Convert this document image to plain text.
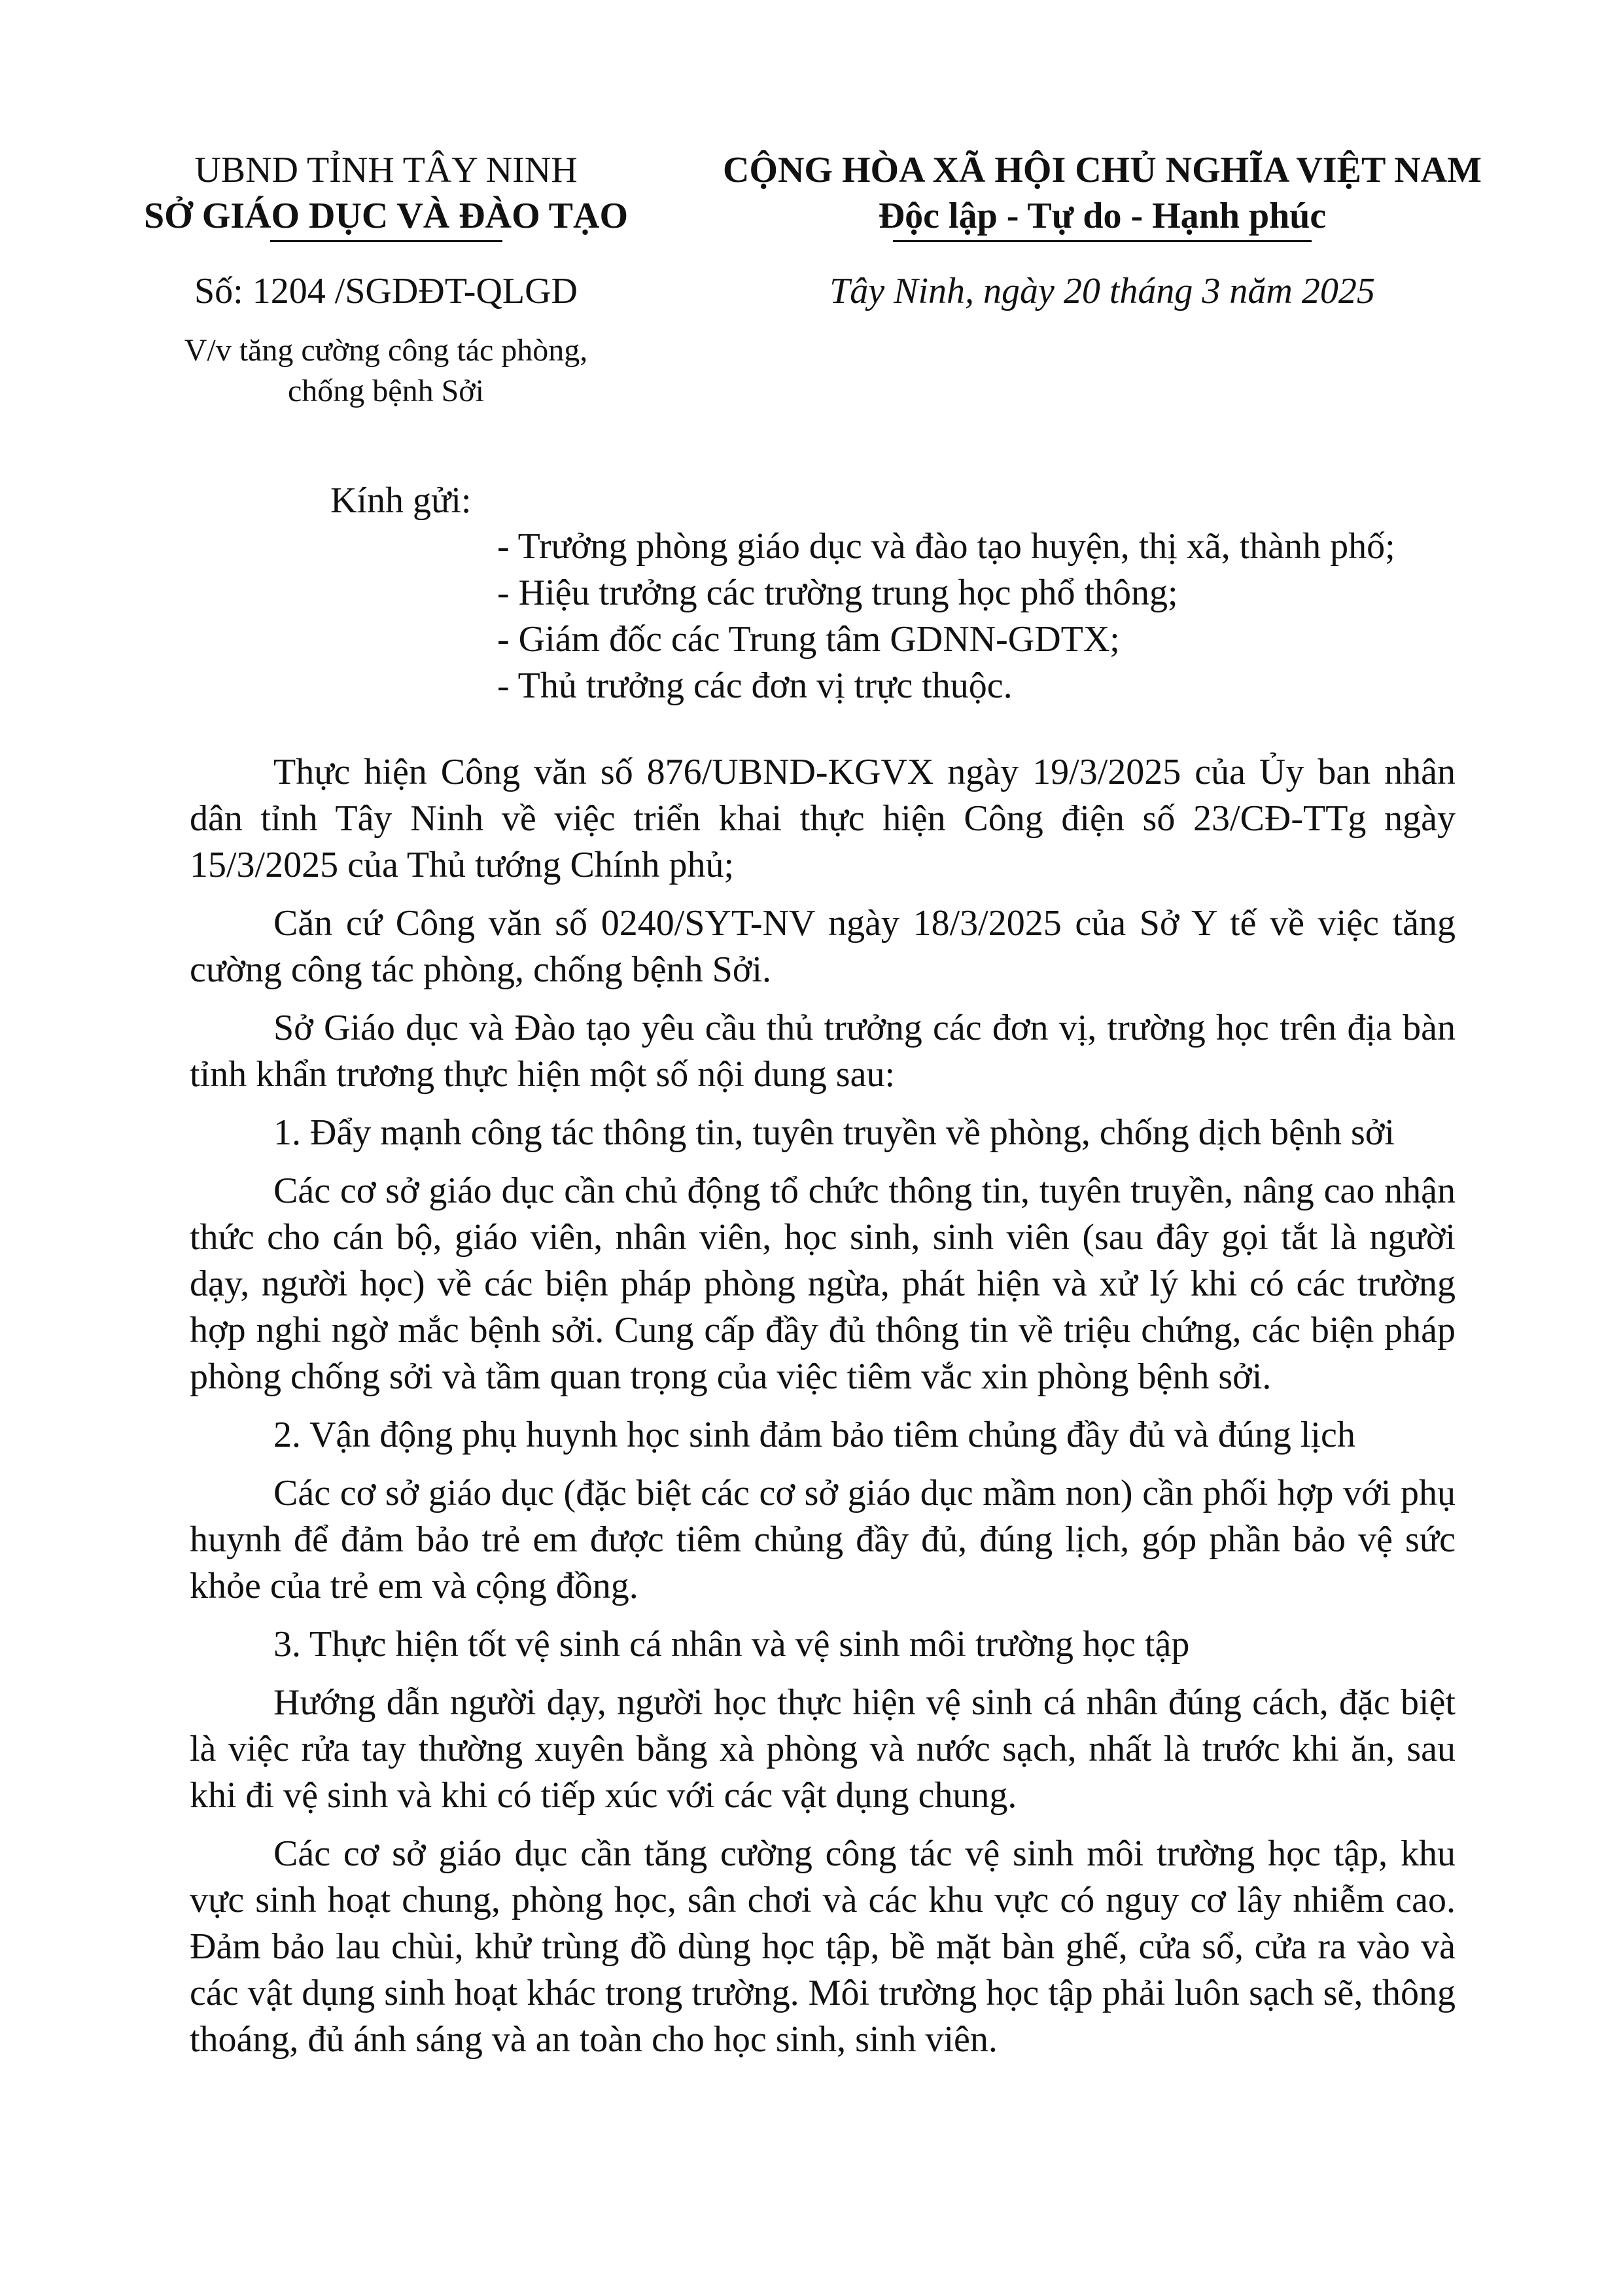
UBND TỈNH TÂY NINH
SỞ GIÁO DỤC VÀ ĐÀO TẠO
CỘNG HÒA XÃ HỘI CHỦ NGHĨA VIỆT NAM
Độc lập - Tự do - Hạnh phúc
Số: 1204 /SGDĐT-QLGD	Tây Ninh, ngày 20 tháng 3 năm 2025
V/v tăng cường công tác phòng,
chống bệnh Sởi
Kính gửi:
- Trưởng phòng giáo dục và đào tạo huyện, thị xã, thành phố;
- Hiệu trưởng các trường trung học phổ thông;
- Giám đốc các Trung tâm GDNN-GDTX;
- Thủ trưởng các đơn vị trực thuộc.

Thực hiện Công văn số 876/UBND-KGVX ngày 19/3/2025 của Ủy ban nhân dân tỉnh Tây Ninh về việc triển khai thực hiện Công điện số 23/CĐ-TTg ngày 15/3/2025 của Thủ tướng Chính phủ;

Căn cứ Công văn số 0240/SYT-NV ngày 18/3/2025 của Sở Y tế về việc tăng cường công tác phòng, chống bệnh Sởi.

Sở Giáo dục và Đào tạo yêu cầu thủ trưởng các đơn vị, trường học trên địa bàn tỉnh khẩn trương thực hiện một số nội dung sau:

1. Đẩy mạnh công tác thông tin, tuyên truyền về phòng, chống dịch bệnh sởi

Các cơ sở giáo dục cần chủ động tổ chức thông tin, tuyên truyền, nâng cao nhận thức cho cán bộ, giáo viên, nhân viên, học sinh, sinh viên (sau đây gọi tắt là người dạy, người học) về các biện pháp phòng ngừa, phát hiện và xử lý khi có các trường hợp nghi ngờ mắc bệnh sởi. Cung cấp đầy đủ thông tin về triệu chứng, các biện pháp phòng chống sởi và tầm quan trọng của việc tiêm vắc xin phòng bệnh sởi.

2. Vận động phụ huynh học sinh đảm bảo tiêm chủng đầy đủ và đúng lịch

Các cơ sở giáo dục (đặc biệt các cơ sở giáo dục mầm non) cần phối hợp với phụ huynh để đảm bảo trẻ em được tiêm chủng đầy đủ, đúng lịch, góp phần bảo vệ sức khỏe của trẻ em và cộng đồng.

3. Thực hiện tốt vệ sinh cá nhân và vệ sinh môi trường học tập

Hướng dẫn người dạy, người học thực hiện vệ sinh cá nhân đúng cách, đặc biệt là việc rửa tay thường xuyên bằng xà phòng và nước sạch, nhất là trước khi ăn, sau khi đi vệ sinh và khi có tiếp xúc với các vật dụng chung.

Các cơ sở giáo dục cần tăng cường công tác vệ sinh môi trường học tập, khu vực sinh hoạt chung, phòng học, sân chơi và các khu vực có nguy cơ lây nhiễm cao. Đảm bảo lau chùi, khử trùng đồ dùng học tập, bề mặt bàn ghế, cửa sổ, cửa ra vào và các vật dụng sinh hoạt khác trong trường. Môi trường học tập phải luôn sạch sẽ, thông thoáng, đủ ánh sáng và an toàn cho học sinh, sinh viên.
